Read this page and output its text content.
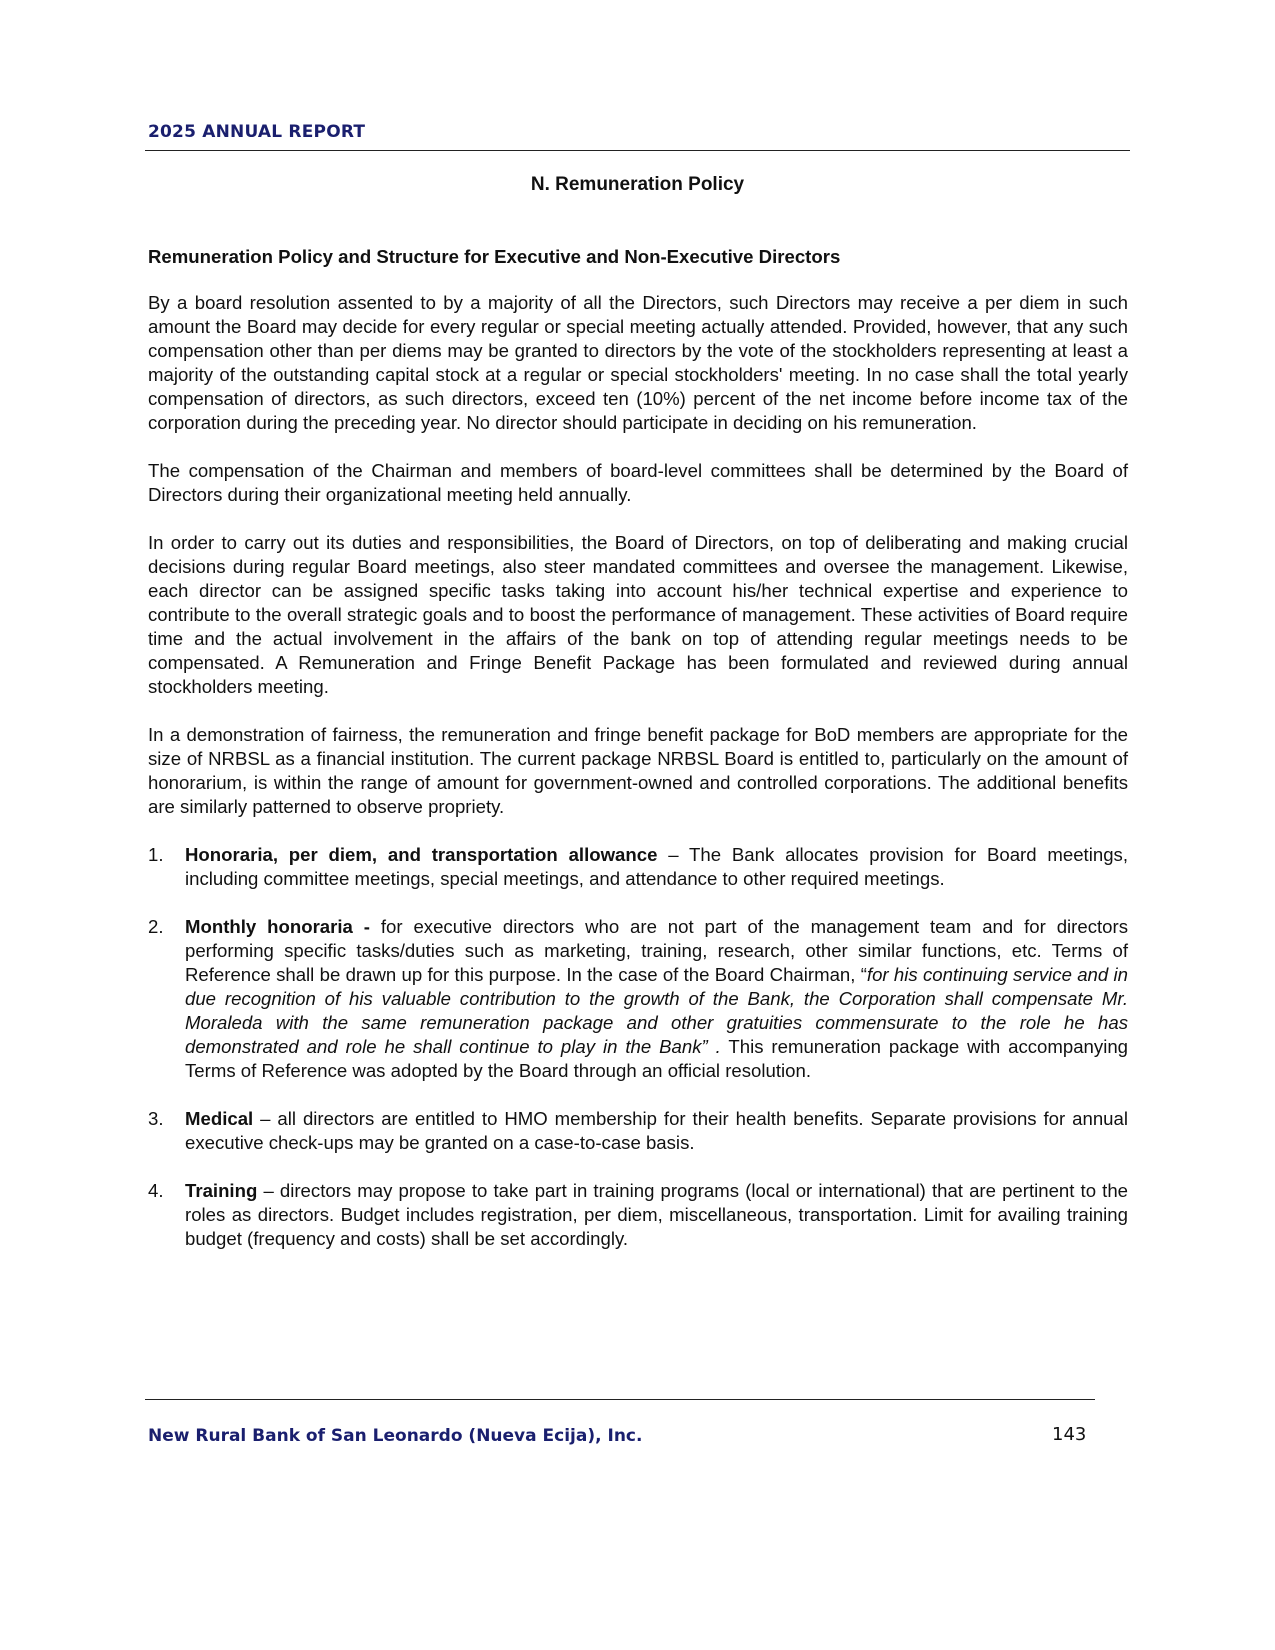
2025 ANNUAL REPORT
N. Remuneration Policy
Remuneration Policy and Structure for Executive and Non-Executive Directors

By a board resolution assented to by a majority of all the Directors, such Directors may receive a per diem in such amount the Board may decide for every regular or special meeting actually attended. Provided, however, that any such compensation other than per diems may be granted to directors by the vote of the stockholders representing at least a majority of the outstanding capital stock at a regular or special stockholders' meeting. In no case shall the total yearly compensation of directors, as such directors, exceed ten (10%) percent of the net income before income tax of the corporation during the preceding year. No director should participate in deciding on his remuneration.

The compensation of the Chairman and members of board-level committees shall be determined by the Board of Directors during their organizational meeting held annually.

In order to carry out its duties and responsibilities, the Board of Directors, on top of deliberating and making crucial decisions during regular Board meetings, also steer mandated committees and oversee the management. Likewise, each director can be assigned specific tasks taking into account his/her technical expertise and experience to contribute to the overall strategic goals and to boost the performance of management. These activities of Board require time and the actual involvement in the affairs of the bank on top of attending regular meetings needs to be compensated. A Remuneration and Fringe Benefit Package has been formulated and reviewed during annual stockholders meeting.

In a demonstration of fairness, the remuneration and fringe benefit package for BoD members are appropriate for the size of NRBSL as a financial institution. The current package NRBSL Board is entitled to, particularly on the amount of honorarium, is within the range of amount for government-owned and controlled corporations. The additional benefits are similarly patterned to observe propriety.

1.	Honoraria, per diem, and transportation allowance – The Bank allocates provision for Board meetings, including committee meetings, special meetings, and attendance to other required meetings.
2.	Monthly honoraria - for executive directors who are not part of the management team and for directors performing specific tasks/duties such as marketing, training, research, other similar functions, etc. Terms of Reference shall be drawn up for this purpose. In the case of the Board Chairman, “for his continuing service and in due recognition of his valuable contribution to the growth of the Bank, the Corporation shall compensate Mr. Moraleda with the same remuneration package and other gratuities commensurate to the role he has demonstrated and role he shall continue to play in the Bank” . This remuneration package with accompanying Terms of Reference was adopted by the Board through an official resolution.
3.	Medical – all directors are entitled to HMO membership for their health benefits. Separate provisions for annual executive check-ups may be granted on a case-to-case basis.
4.	Training – directors may propose to take part in training programs (local or international) that are pertinent to the roles as directors. Budget includes registration, per diem, miscellaneous, transportation. Limit for availing training budget (frequency and costs) shall be set accordingly.
New Rural Bank of San Leonardo (Nueva Ecija), Inc.	143
